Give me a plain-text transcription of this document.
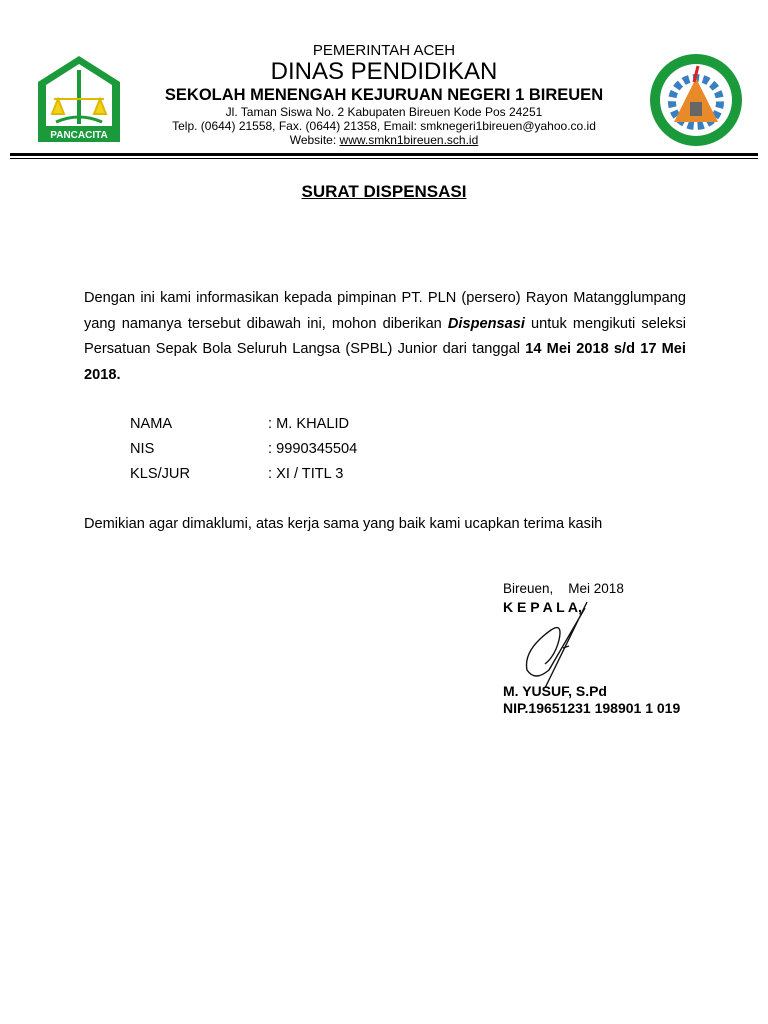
PANCACITA
PEMERINTAH ACEH
DINAS PENDIDIKAN
SEKOLAH MENENGAH KEJURUAN NEGERI 1 BIREUEN
Jl. Taman Siswa No. 2 Kabupaten Bireuen Kode Pos 24251
Telp. (0644) 21558, Fax. (0644) 21358, Email: smknegeri1bireuen@yahoo.co.id
Website: www.smkn1bireuen.sch.id
SURAT DISPENSASI
Dengan ini kami informasikan kepada pimpinan PT. PLN (persero) Rayon Matangglumpang yang namanya tersebut dibawah ini, mohon diberikan Dispensasi untuk mengikuti seleksi Persatuan Sepak Bola Seluruh Langsa (SPBL) Junior dari tanggal 14 Mei 2018 s/d 17 Mei 2018.
NAMA	: M. KHALID
NIS	: 9990345504
KLS/JUR	: XI / TITL 3
Demikian agar dimaklumi, atas kerja sama yang baik kami ucapkan terima kasih
Bireuen,    Mei 2018
K E P A L A,
M. YUSUF, S.Pd
NIP.19651231 198901 1 019
